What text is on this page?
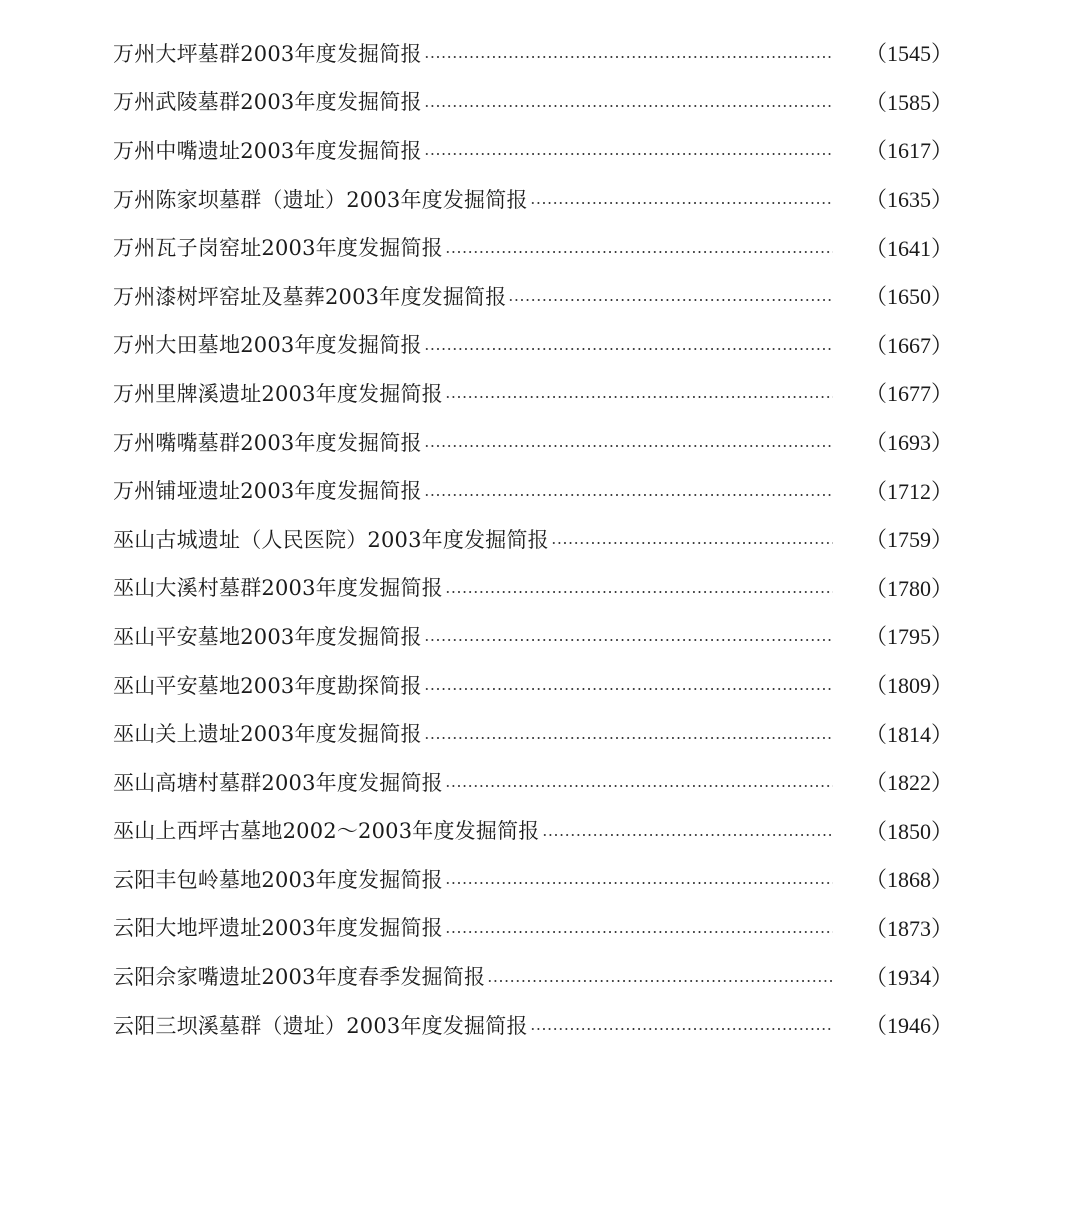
万州大坪墓群2003年度发掘简报	（1545）
万州武陵墓群2003年度发掘简报	（1585）
万州中嘴遗址2003年度发掘简报	（1617）
万州陈家坝墓群（遗址）2003年度发掘简报	（1635）
万州瓦子岗窑址2003年度发掘简报	（1641）
万州漆树坪窑址及墓葬2003年度发掘简报	（1650）
万州大田墓地2003年度发掘简报	（1667）
万州里牌溪遗址2003年度发掘简报	（1677）
万州嘴嘴墓群2003年度发掘简报	（1693）
万州铺垭遗址2003年度发掘简报	（1712）
巫山古城遗址（人民医院）2003年度发掘简报	（1759）
巫山大溪村墓群2003年度发掘简报	（1780）
巫山平安墓地2003年度发掘简报	（1795）
巫山平安墓地2003年度勘探简报	（1809）
巫山关上遗址2003年度发掘简报	（1814）
巫山高塘村墓群2003年度发掘简报	（1822）
巫山上西坪古墓地2002～2003年度发掘简报	（1850）
云阳丰包岭墓地2003年度发掘简报	（1868）
云阳大地坪遗址2003年度发掘简报	（1873）
云阳佘家嘴遗址2003年度春季发掘简报	（1934）
云阳三坝溪墓群（遗址）2003年度发掘简报	（1946）
